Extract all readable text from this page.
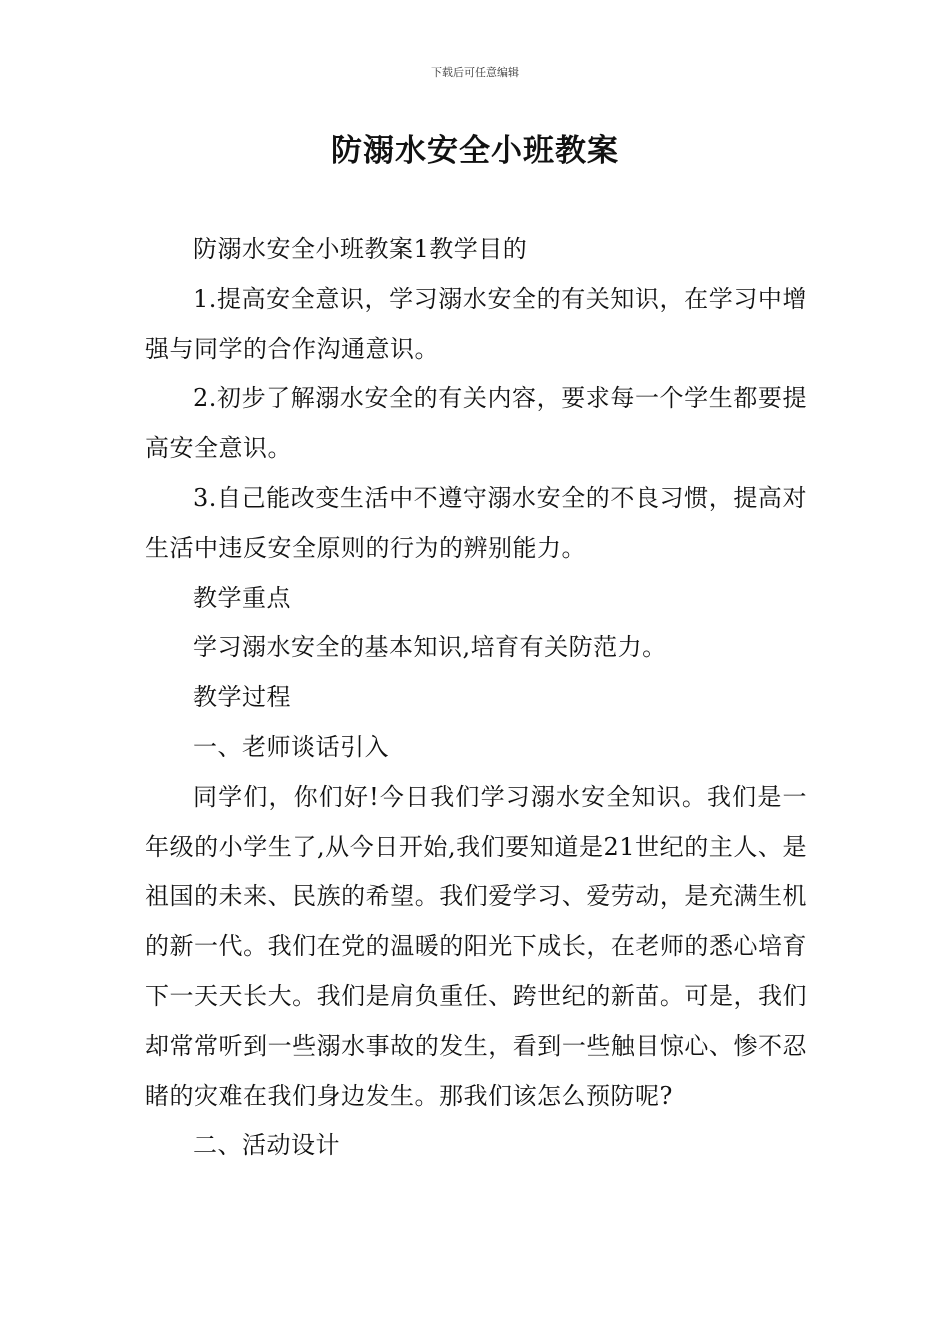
下载后可任意编辑
防溺水安全小班教案

防溺水安全小班教案1教学目的

1.提高安全意识，学习溺水安全的有关知识，在学习中增强与同学的合作沟通意识。

2.初步了解溺水安全的有关内容，要求每一个学生都要提高安全意识。

3.自己能改变生活中不遵守溺水安全的不良习惯，提高对生活中违反安全原则的行为的辨别能力。

教学重点

学习溺水安全的基本知识,培育有关防范力。

教学过程

一、老师谈话引入

同学们，你们好!今日我们学习溺水安全知识。我们是一年级的小学生了,从今日开始,我们要知道是21世纪的主人、是祖国的未来、民族的希望。我们爱学习、爱劳动，是充满生机的新一代。我们在党的温暖的阳光下成长，在老师的悉心培育下一天天长大。我们是肩负重任、跨世纪的新苗。可是，我们却常常听到一些溺水事故的发生，看到一些触目惊心、惨不忍睹的灾难在我们身边发生。那我们该怎么预防呢?

二、活动设计
